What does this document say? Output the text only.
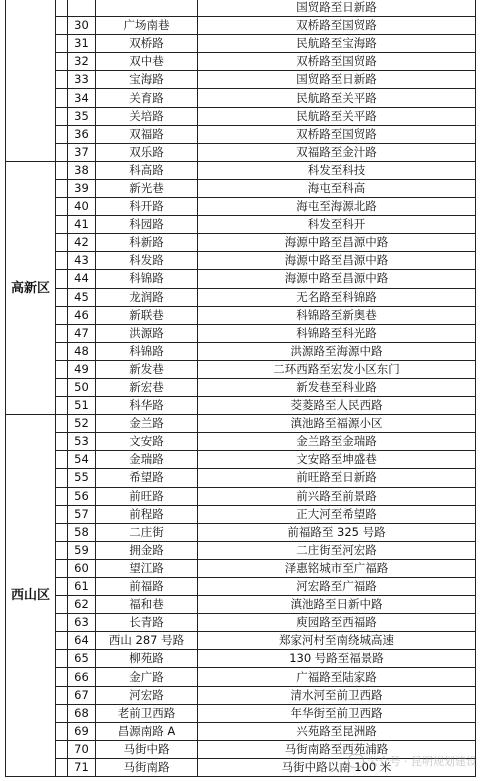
				国贸路至日新路
		30	广场南巷	双桥路至国贸路
		31	双桥路	民航路至宝海路
		32	双中巷	双桥路至国贸路
		33	宝海路	国贸路至日新路
		34	关育路	民航路至关平路
		35	关培路	民航路至关平路
		36	双福路	双桥路至国贸路
		37	双乐路	双福路至金汁路
高新区		38	科高路	科发至科技
		39	新光巷	海屯至科高
		40	科开路	海屯至海源北路
		41	科园路	科发至科开
		42	科新路	海源中路至昌源中路
		43	科发路	海源中路至昌源中路
		44	科锦路	海源中路至昌源中路
		45	龙润路	无名路至科锦路
		46	新联巷	科锦路至新奥巷
		47	洪源路	科锦路至科光路
		48	科锦路	洪源路至海源中路
		49	新发巷	二环西路至宏发小区东门
		50	新宏巷	新发巷至科业路
		51	科华路	茭菱路至人民西路
西山区		52	金兰路	滇池路至福源小区
		53	文安路	金兰路至金瑞路
		54	金瑞路	文安路至坤盛巷
		55	希望路	前旺路至日新路
		56	前旺路	前兴路至前景路
		57	前程路	正大河至希望路
		58	二庄街	前福路至 325 号路
		59	拥金路	二庄街至河宏路
		60	望江路	泽惠铭城市至广福路
		61	前福路	河宏路至广福路
		62	福和巷	滇池路至日新中路
		63	长青路	庾园路至西福路
		64	西山 287 号路	郑家河村至南绕城高速
		65	柳苑路	130 号路至福景路
		66	金广路	广福路至陆家路
		67	河宏路	清水河至前卫西路
		68	老前卫西路	年华街至前卫西路
		69	昌源南路 A	兴苑路至昆洲路
		70	马街中路	马街南路至西苑浦路
		71	马街南路	马街中路以南 100 米
公众号 · 昆明规划建设
